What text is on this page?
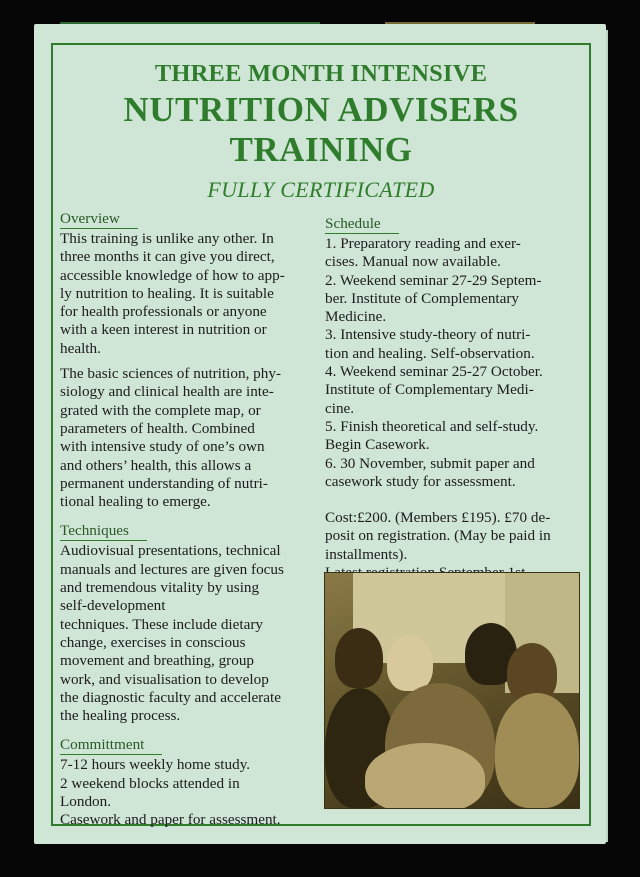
THREE MONTH INTENSIVE
NUTRITION ADVISERS
TRAINING
FULLY CERTIFICATED
Overview
This training is unlike any other. In
three months it can give you direct,
accessible knowledge of how to app-
ly nutrition to healing. It is suitable
for health professionals or anyone
with a keen interest in nutrition or
health.
The basic sciences of nutrition, phy-
siology and clinical health are inte-
grated with the complete map, or
parameters of health. Combined
with intensive study of one’s own
and others’ health, this allows a
permanent understanding of nutri-
tional healing to emerge.
Techniques
Audiovisual presentations, technical
manuals and lectures are given focus
and tremendous vitality by using
self-development
techniques. These include dietary
change, exercises in conscious
movement and breathing, group
work, and visualisation to develop
the diagnostic faculty and accelerate
the healing process.
Committment
7-12 hours weekly home study.
2 weekend blocks attended in
London.
Casework and paper for assessment.
Schedule
1. Preparatory reading and exer-
cises. Manual now available.
2. Weekend seminar 27-29 Septem-
ber. Institute of Complementary
Medicine.
3. Intensive study-theory of nutri-
tion and healing. Self-observation.
4. Weekend seminar 25-27 October.
Institute of Complementary Medi-
cine.
5. Finish theoretical and self-study.
Begin Casework.
6. 30 November, submit paper and
casework study for assessment.
Cost:£200. (Members £195). £70 de-
posit on registration. (May be paid in
installments).
